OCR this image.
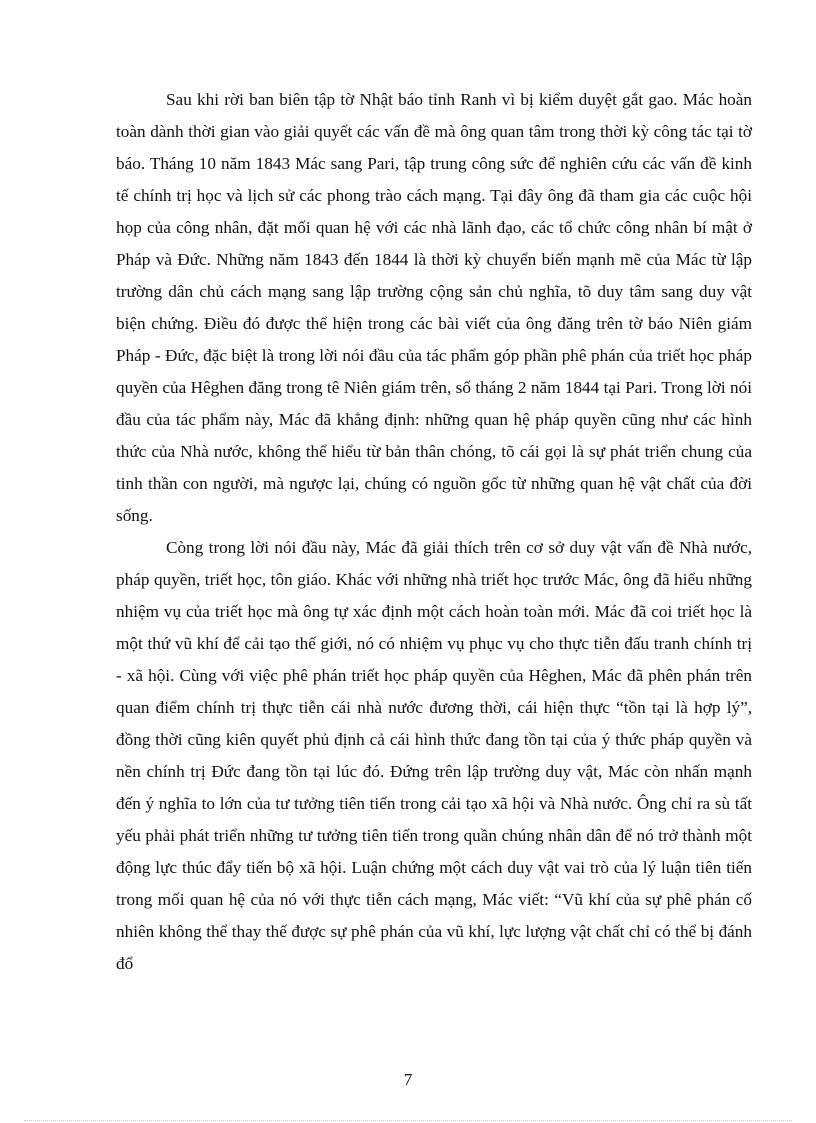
Sau khi rời ban biên tập tờ Nhật báo tỉnh Ranh vì bị kiểm duyệt gắt gao. Mác hoàn toàn dành thời gian vào giải quyết các vấn đề mà ông quan tâm trong thời kỳ công tác tại tờ báo. Tháng 10 năm 1843 Mác sang Pari, tập trung công sức để nghiên cứu các vấn đề kinh tế chính trị học và lịch sử các phong trào cách mạng. Tại đây ông đã tham gia các cuộc hội họp của công nhân, đặt mối quan hệ với các nhà lãnh đạo, các tổ chức công nhân bí mật ở Pháp và Đức. Những năm 1843 đến 1844 là thời kỳ chuyển biến mạnh mẽ của Mác từ lập trường dân chủ cách mạng sang lập trường cộng sản chủ nghĩa, tõ duy tâm sang duy vật biện chứng. Điều đó được thể hiện trong các bài viết của ông đăng trên tờ báo Niên giám Pháp - Đức, đặc biệt là trong lời nói đầu của tác phẩm góp phần phê phán của triết học pháp quyền của Hêghen đăng trong tê Niên giám trên, số tháng 2 năm 1844 tại Pari. Trong lời nói đầu của tác phẩm này, Mác đã khẳng định: những quan hệ pháp quyền cũng như các hình thức của Nhà nước, không thể hiểu từ bản thân chóng, tõ cái gọi là sự phát triển chung của tinh thần con người, mà ngược lại, chúng có nguồn gốc từ những quan hệ vật chất của đời sống.

Còng trong lời nói đầu này, Mác đã giải thích trên cơ sở duy vật vấn đề Nhà nước, pháp quyền, triết học, tôn giáo. Khác với những nhà triết học trước Mác, ông đã hiểu những nhiệm vụ của triết học mà ông tự xác định một cách hoàn toàn mới. Mác đã coi triết học là một thứ vũ khí để cải tạo thế giới, nó có nhiệm vụ phục vụ cho thực tiễn đấu tranh chính trị - xã hội. Cùng với việc phê phán triết học pháp quyền của Hêghen, Mác đã phên phán trên quan điểm chính trị thực tiễn cái nhà nước đương thời, cái hiện thực “tồn tại là hợp lý”, đồng thời cũng kiên quyết phủ định cả cái hình thức đang tồn tại của ý thức pháp quyền và nền chính trị Đức đang tồn tại lúc đó. Đứng trên lập trường duy vật, Mác còn nhấn mạnh đến ý nghĩa to lớn của tư tưởng tiên tiến trong cải tạo xã hội và Nhà nước. Ông chỉ ra sù tất yếu phải phát triển những tư tưởng tiên tiến trong quần chúng nhân dân để nó trở thành một động lực thúc đẩy tiến bộ xã hội. Luận chứng một cách duy vật vai trò của lý luận tiên tiến trong mối quan hệ của nó với thực tiễn cách mạng, Mác viết: “Vũ khí của sự phê phán cố nhiên không thể thay thế được sự phê phán của vũ khí, lực lượng vật chất chỉ có thể bị đánh đổ

7
